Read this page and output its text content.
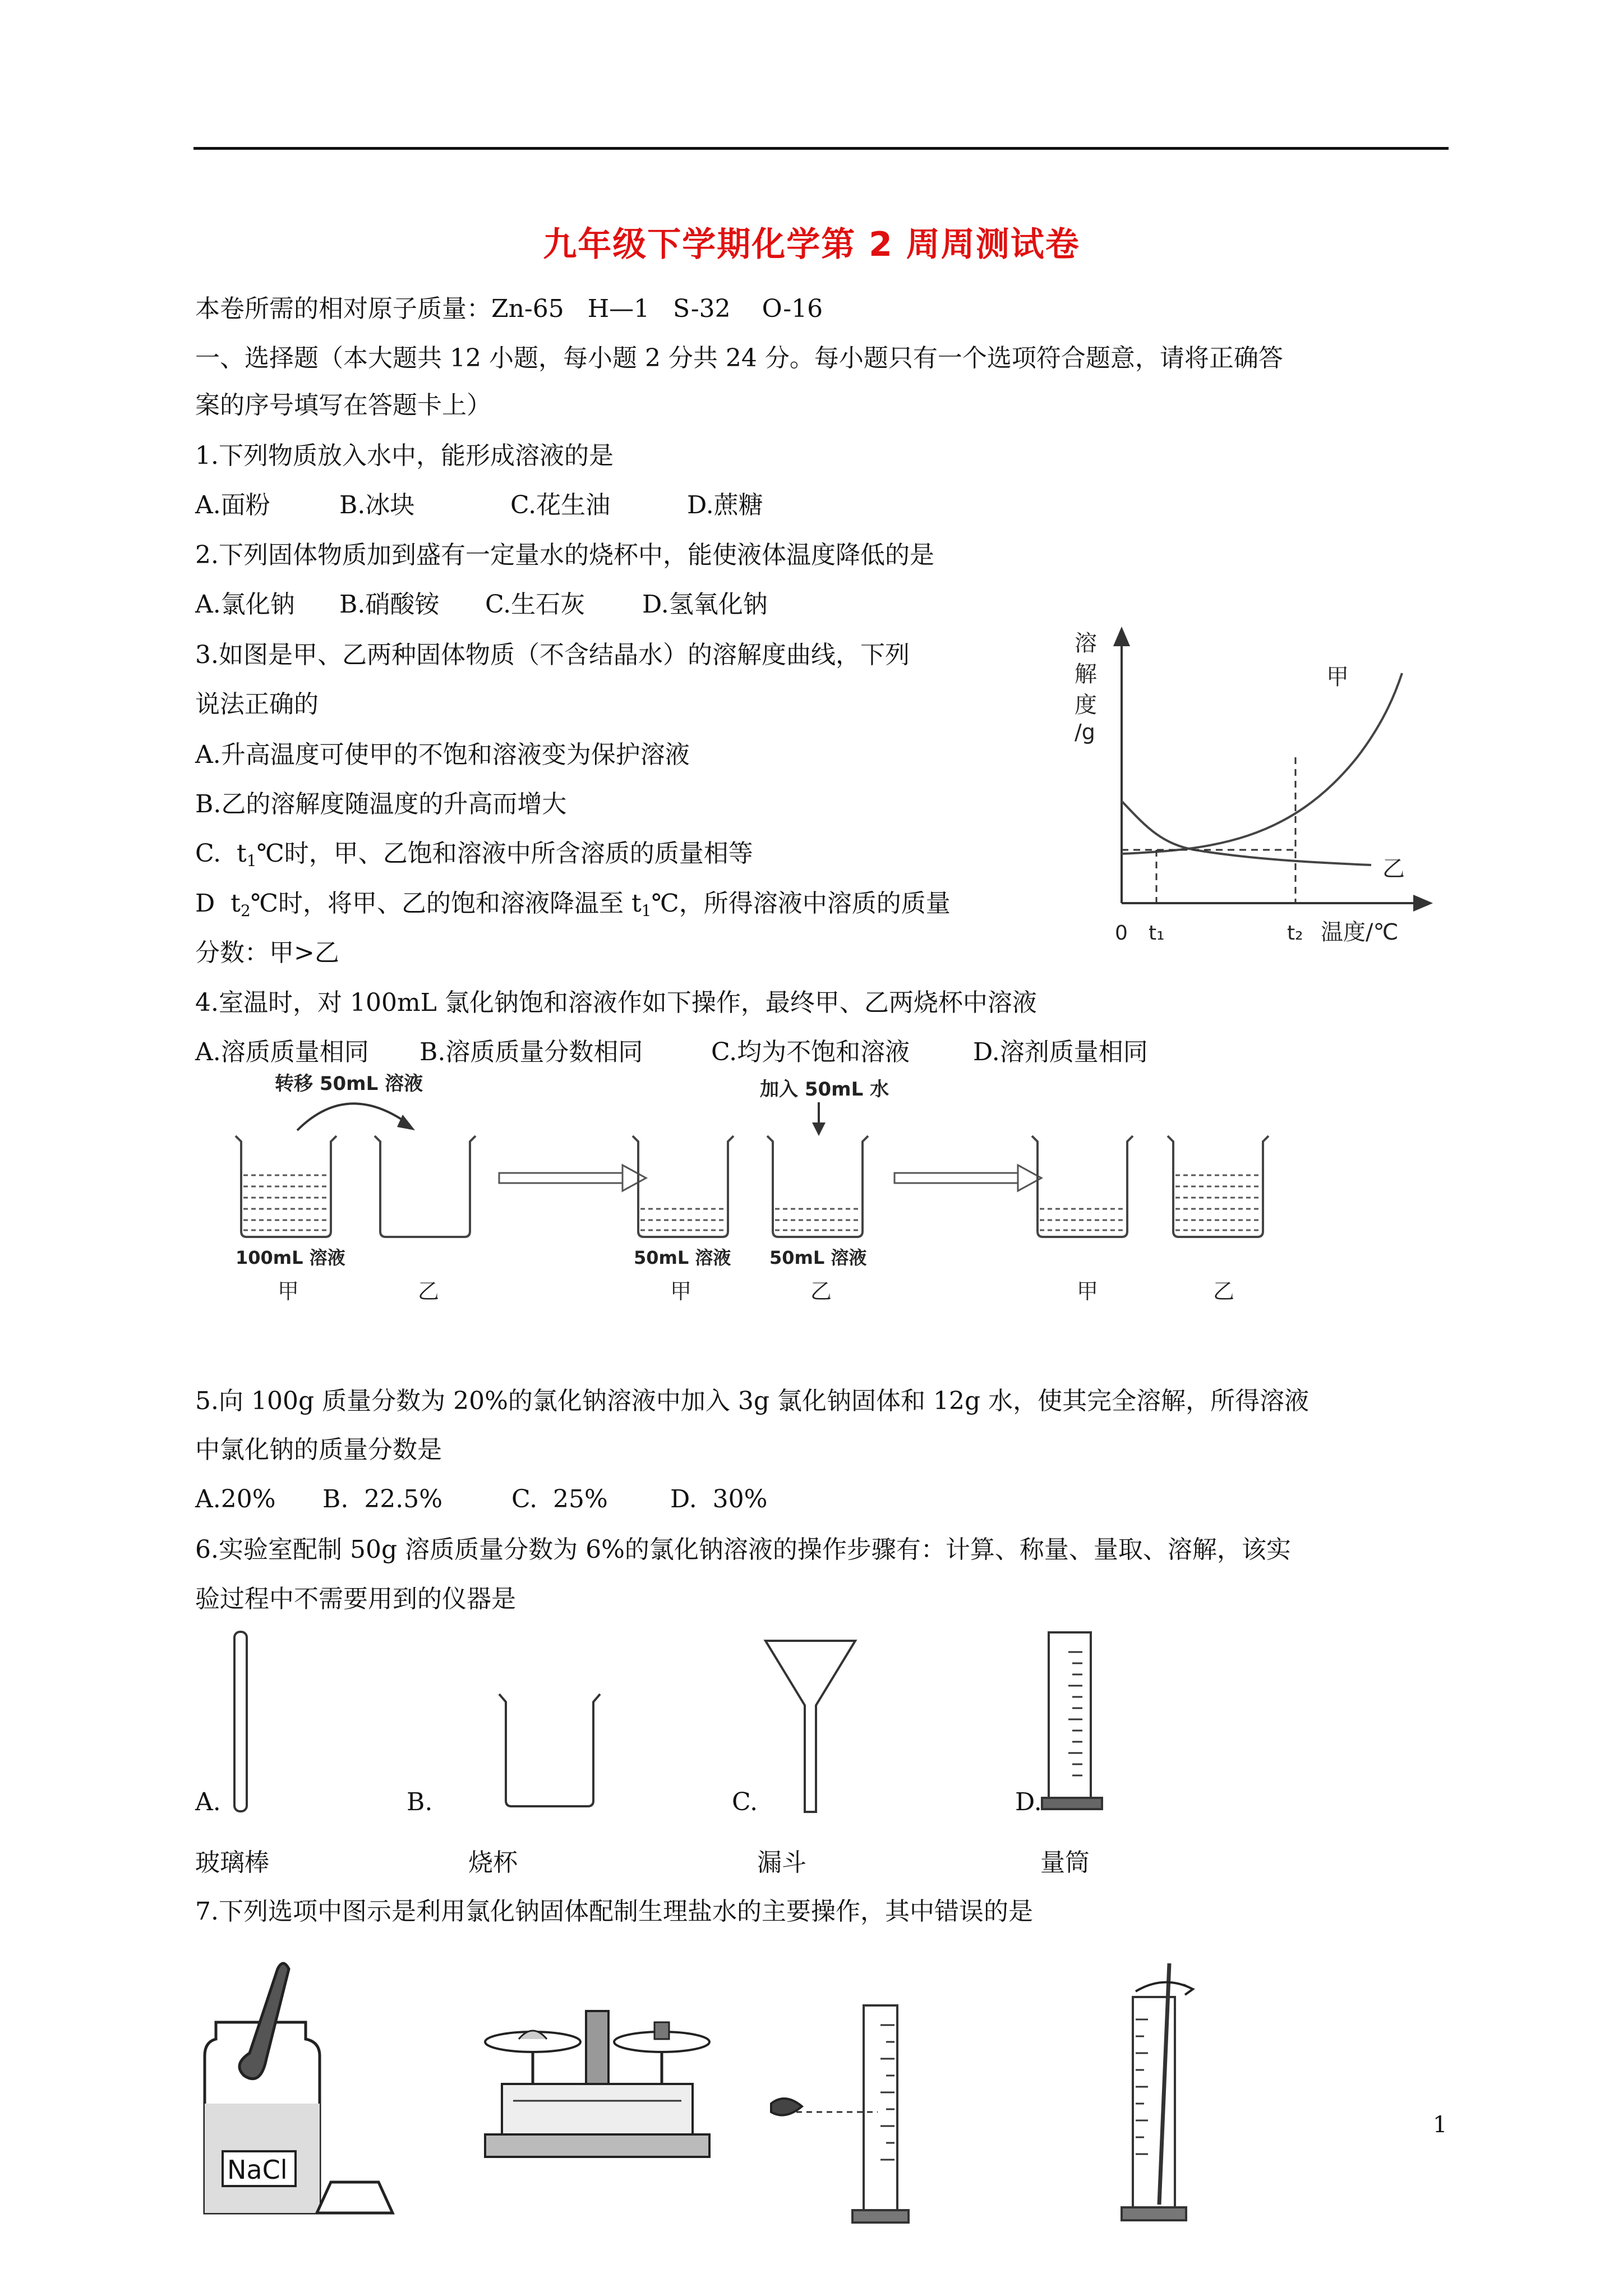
九年级下学期化学第 2 周周测试卷
本卷所需的相对原子质量：Zn-65   H—1   S-32    O-16
一、选择题（本大题共 12 小题，每小题 2 分共 24 分。每小题只有一个选项符合题意，请将正确答
案的序号填写在答题卡上）
1.下列物质放入水中，能形成溶液的是
A.面粉	B.冰块	C.花生油	D.蔗糖
2.下列固体物质加到盛有一定量水的烧杯中，能使液体温度降低的是
A.氯化钠 B.硝酸铵 C.生石灰 D.氢氧化钠
3.如图是甲、乙两种固体物质（不含结晶水）的溶解度曲线，下列
说法正确的
A.升高温度可使甲的不饱和溶液变为保护溶液
B.乙的溶解度随温度的升高而增大
C.  $t_1℃$时，甲、乙饱和溶液中所含溶质的质量相等
D  $t_2℃$时，将甲、乙的饱和溶液降温至 $t_1℃$，所得溶液中溶质的质量
分数：甲>乙
溶
解
度
/g
甲
乙
0 t₁	t₂ 温度/℃
4.室温时，对 100mL 氯化钠饱和溶液作如下操作，最终甲、乙两烧杯中溶液
A.溶质质量相同 B.溶质质量分数相同	C.均为不饱和溶液	D.溶剂质量相同
转移 50mL 溶液
100mL 溶液
甲	乙
加入 50mL 水
50mL 溶液 50mL 溶液
甲	乙	甲	乙
5.向 100g 质量分数为 20%的氯化钠溶液中加入 3g 氯化钠固体和 12g 水，使其完全溶解，所得溶液
中氯化钠的质量分数是
A.20% B.  22.5%	C.  25%	D.  30%
6.实验室配制 50g 溶质质量分数为 6%的氯化钠溶液的操作步骤有：计算、称量、量取、溶解，该实
验过程中不需要用到的仪器是
A.	B.	C.	D.
玻璃棒	烧杯	漏斗	量筒
7.下列选项中图示是利用氯化钠固体配制生理盐水的主要操作，其中错误的是
NaCl
1
